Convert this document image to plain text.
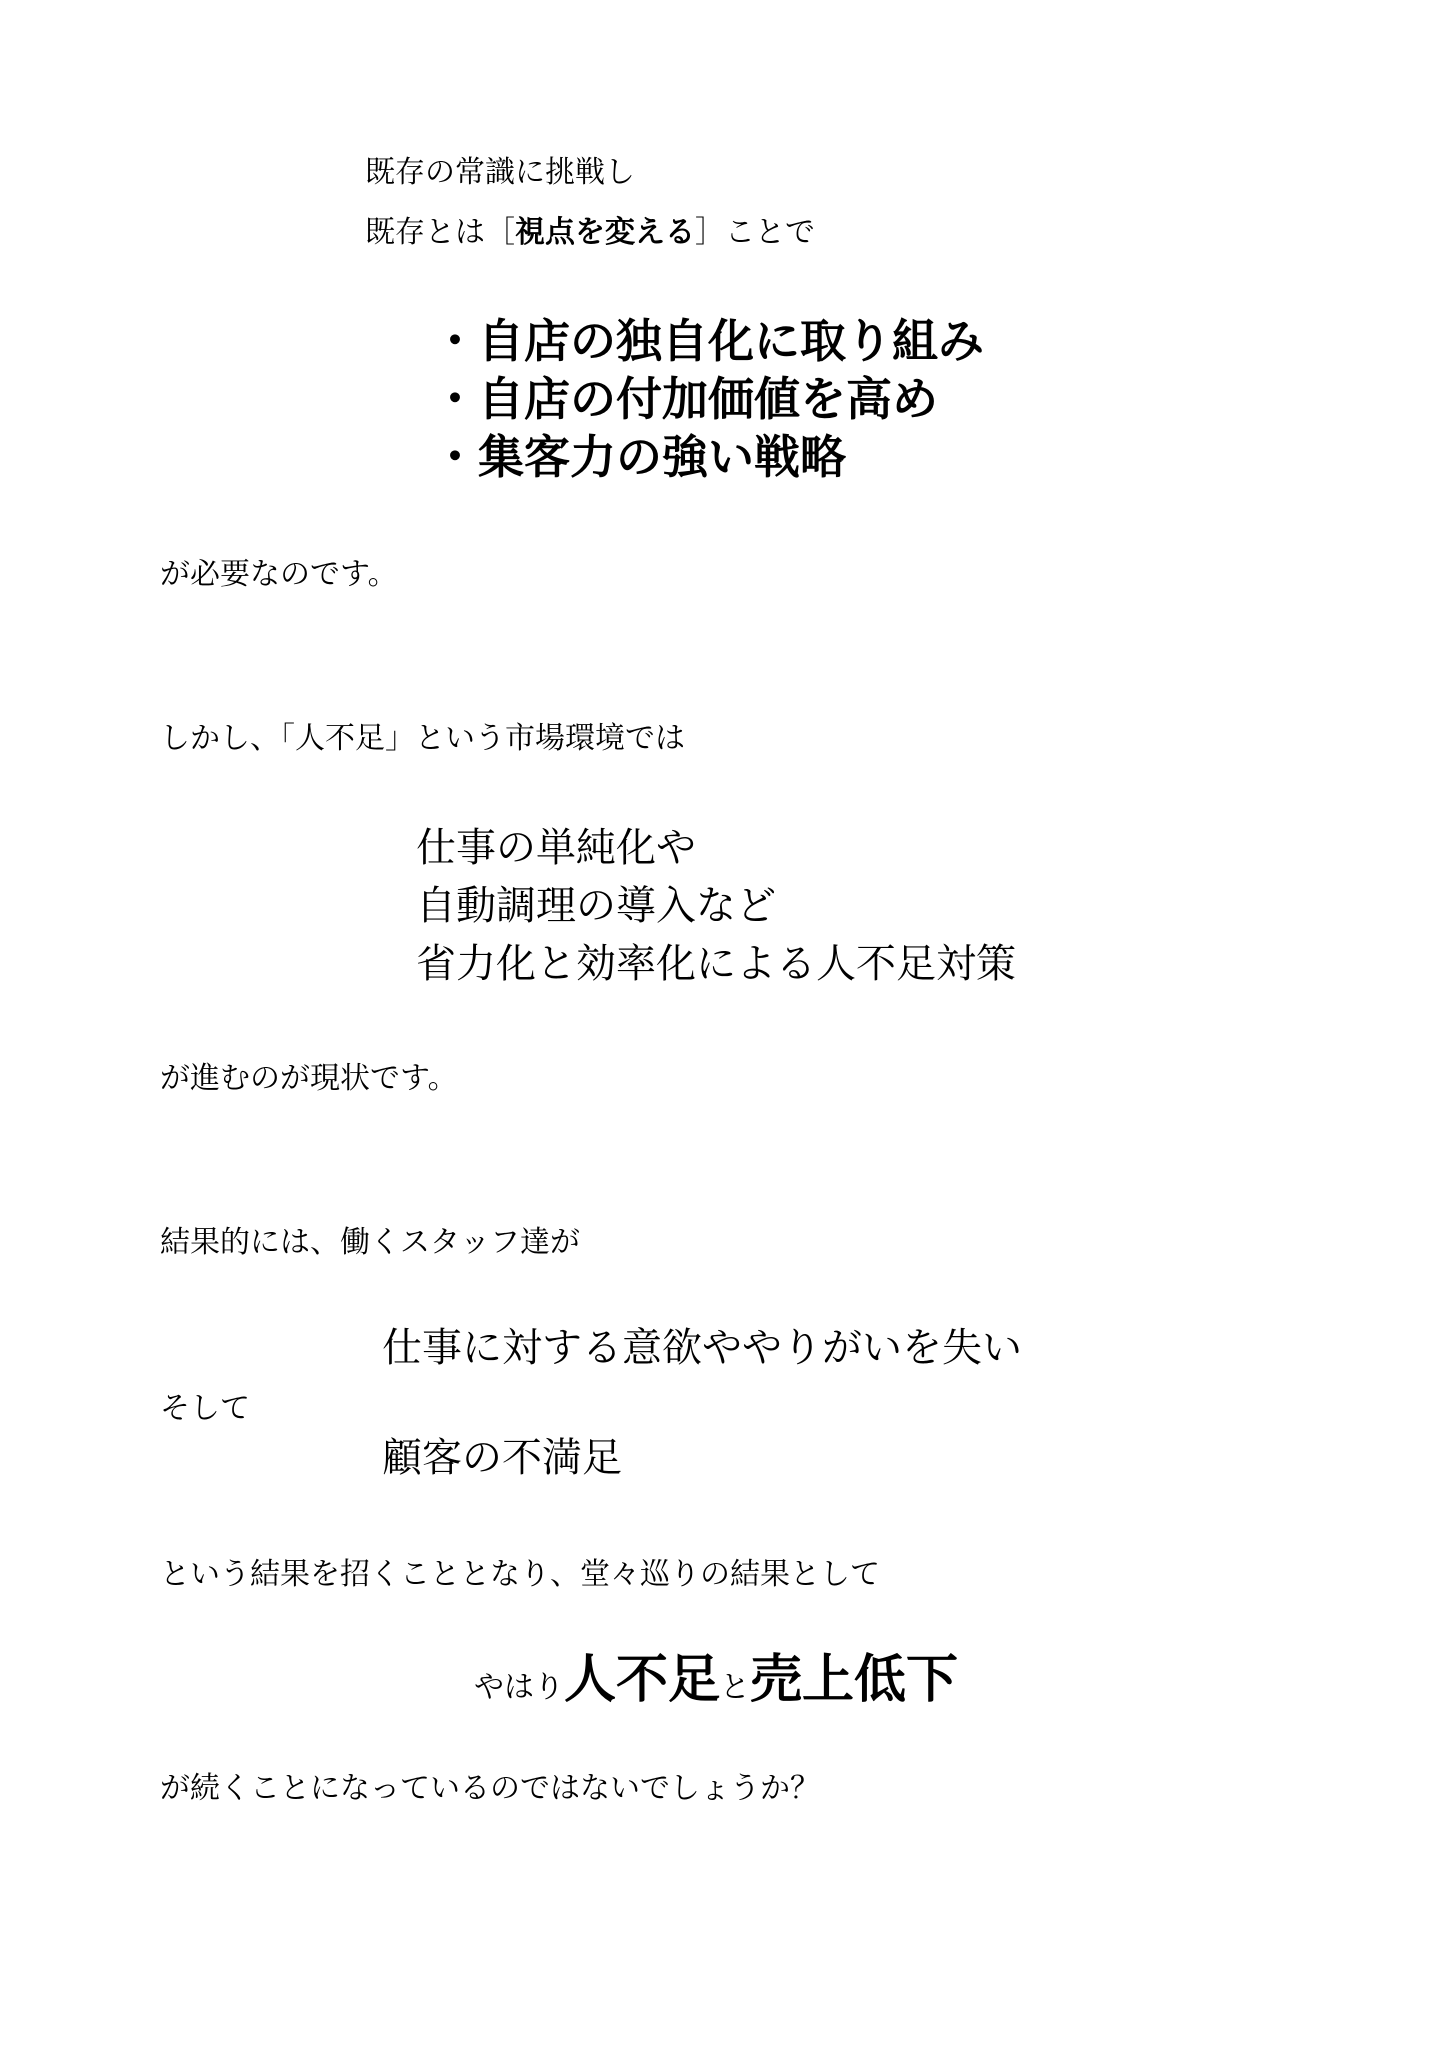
既存の常識に挑戦し

既存とは［視点を変える］ことで

・自店の独自化に取り組み

・自店の付加価値を高め

・集客力の強い戦略

が必要なのです。

しかし、「人不足」という市場環境では

仕事の単純化や

自動調理の導入など

省力化と効率化による人不足対策

が進むのが現状です。

結果的には、働くスタッフ達が

仕事に対する意欲ややりがいを失い

そして

顧客の不満足

という結果を招くこととなり、堂々巡りの結果として

やはり人不足と売上低下

が続くことになっているのではないでしょうか？
